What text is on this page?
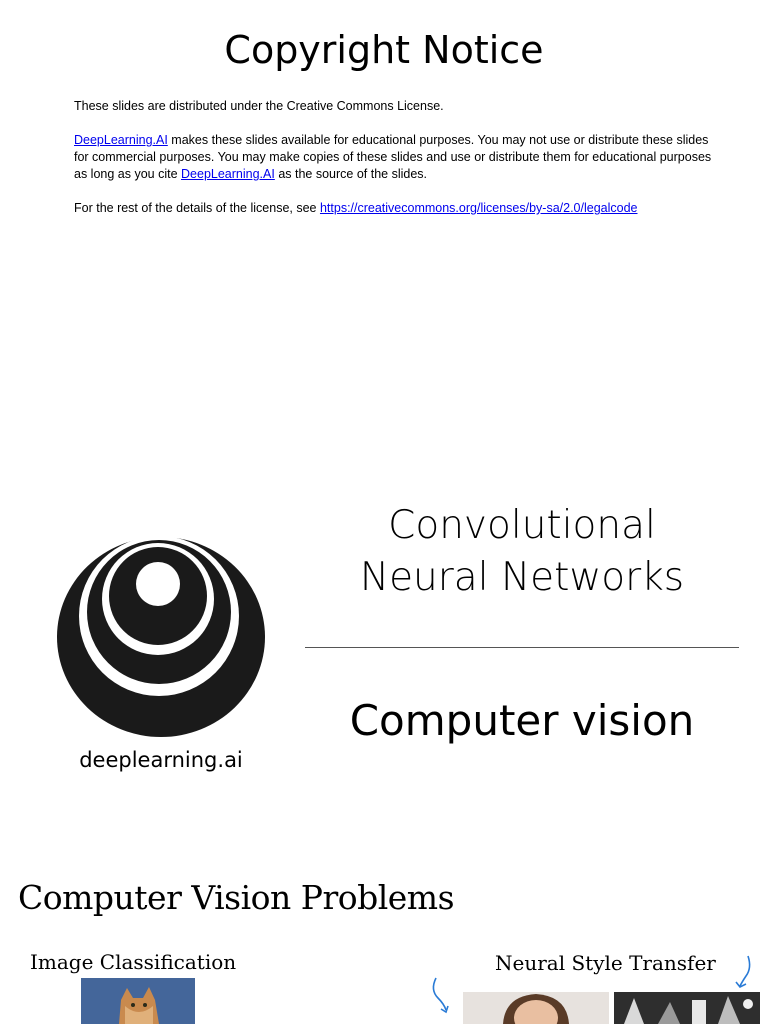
Copyright Notice

These slides are distributed under the Creative Commons License.

DeepLearning.AI makes these slides available for educational purposes. You may not use or distribute these slides for commercial purposes. You may make copies of these slides and use or distribute them for educational purposes as long as you cite DeepLearning.AI as the source of the slides.

For the rest of the details of the license, see https://creativecommons.org/licenses/by-sa/2.0/legalcode

deeplearning.ai
Convolutional
Neural Networks
Computer vision
Computer Vision Problems
Image Classification	Neural Style Transfer
